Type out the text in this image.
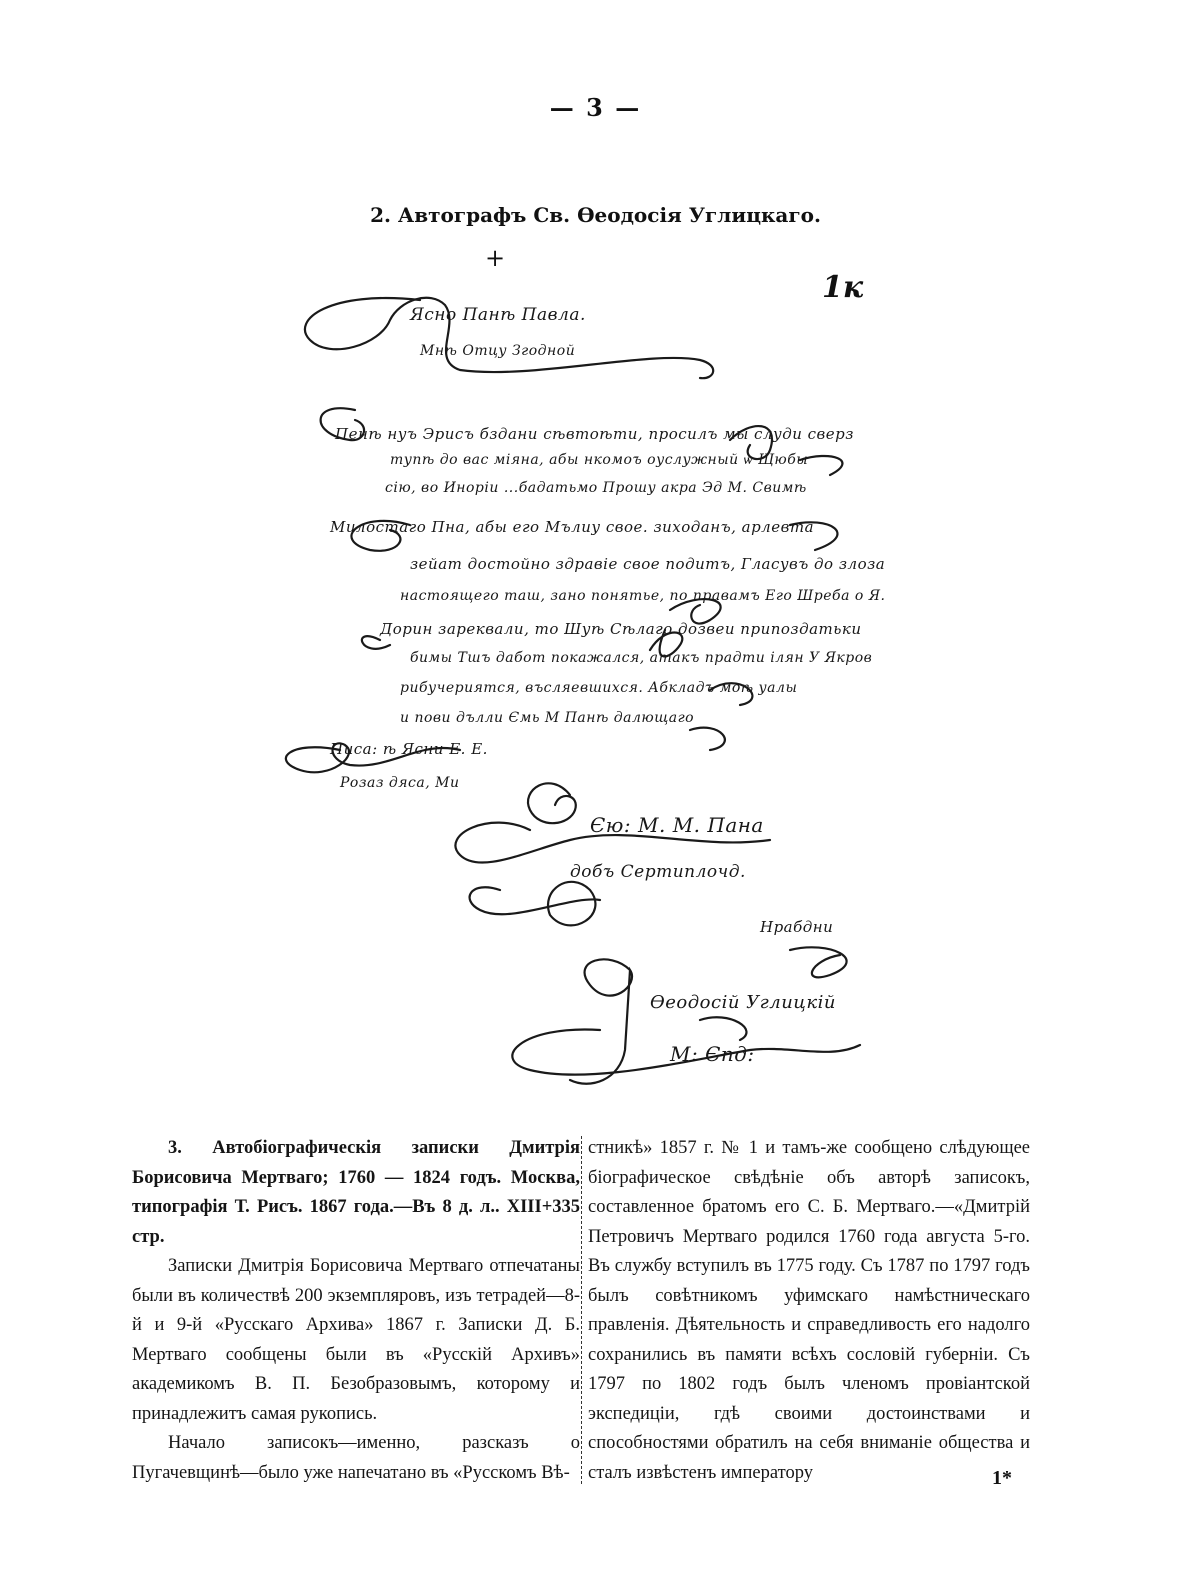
— 3 —
2. Автографъ Св. Ѳеодосія Углицкаго.
+
1к
Ясно Панѣ Павла.
Мнѣ Отцу Згодной
Пенѣ нуъ Эрисъ бздани сѣвтоѣти, просилъ мы слуди сверз
тупѣ до вас міяна, абы нкомоъ оуслужный ѡ Щюбы
сію, во Иноріи ...бадатьмо Прошу акра Эд М. Свимѣ
Милостаго Пна, абы его Мълиу свое. зиходанъ, арлевта
зейат достойно здравіе свое подитъ, Гласувъ до злоза
настоящего таш, зано понятье, по правамъ Его Шреба о Я.
Дорин зареквали, то Шуѣ Сѣлаго дозвеи припоздатьки
бимы Тшъ дабот покажался, атакъ прадти ілян У Якров
рибучериятся, въсляевшихся. Абкладъ моѣ уалы
и пови дълли Ємь М Панѣ далющаго
Писа: ѣ Ясни Е. Е.
Розаз дяса, Ми
Єю: М. М. Пана
добъ Сертиплочд.
Нрабдни
Ѳеодосій Углицкій
М: Єпд:

3. Автобіографическія записки Дмитрія Борисовича Мертваго; 1760 — 1824 годъ. Москва, типографія Т. Рисъ. 1867 года.—Въ 8 д. л.. XIII+335 стр.

Записки Дмитрія Борисовича Мертваго отпечатаны были въ количествѣ 200 экземпляровъ, изъ тетрадей—8-й и 9-й «Русскаго Архива» 1867 г. Записки Д. Б. Мертваго сообщены были въ «Русскій Архивъ» академикомъ В. П. Безобразовымъ, которому и принадлежитъ самая рукопись.

Начало записокъ—именно, разсказъ о Пугачевщинѣ—было уже напечатано въ «Русскомъ Вѣ-

стникѣ» 1857 г. № 1 и тамъ-же сообщено слѣдующее біографическое свѣдѣніе объ авторѣ записокъ, составленное братомъ его С. Б. Мертваго.—«Дмитрій Петровичъ Мертваго родился 1760 года августа 5-го. Въ службу вступилъ въ 1775 году. Съ 1787 по 1797 годъ былъ совѣтникомъ уфимскаго намѣстническаго правленія. Дѣятельность и справедливость его надолго сохранились въ памяти всѣхъ сословій губерніи. Съ 1797 по 1802 годъ былъ членомъ провіантской экспедиціи, гдѣ своими достоинствами и способностями обратилъ на себя вниманіе общества и сталъ извѣстенъ императору	1*
